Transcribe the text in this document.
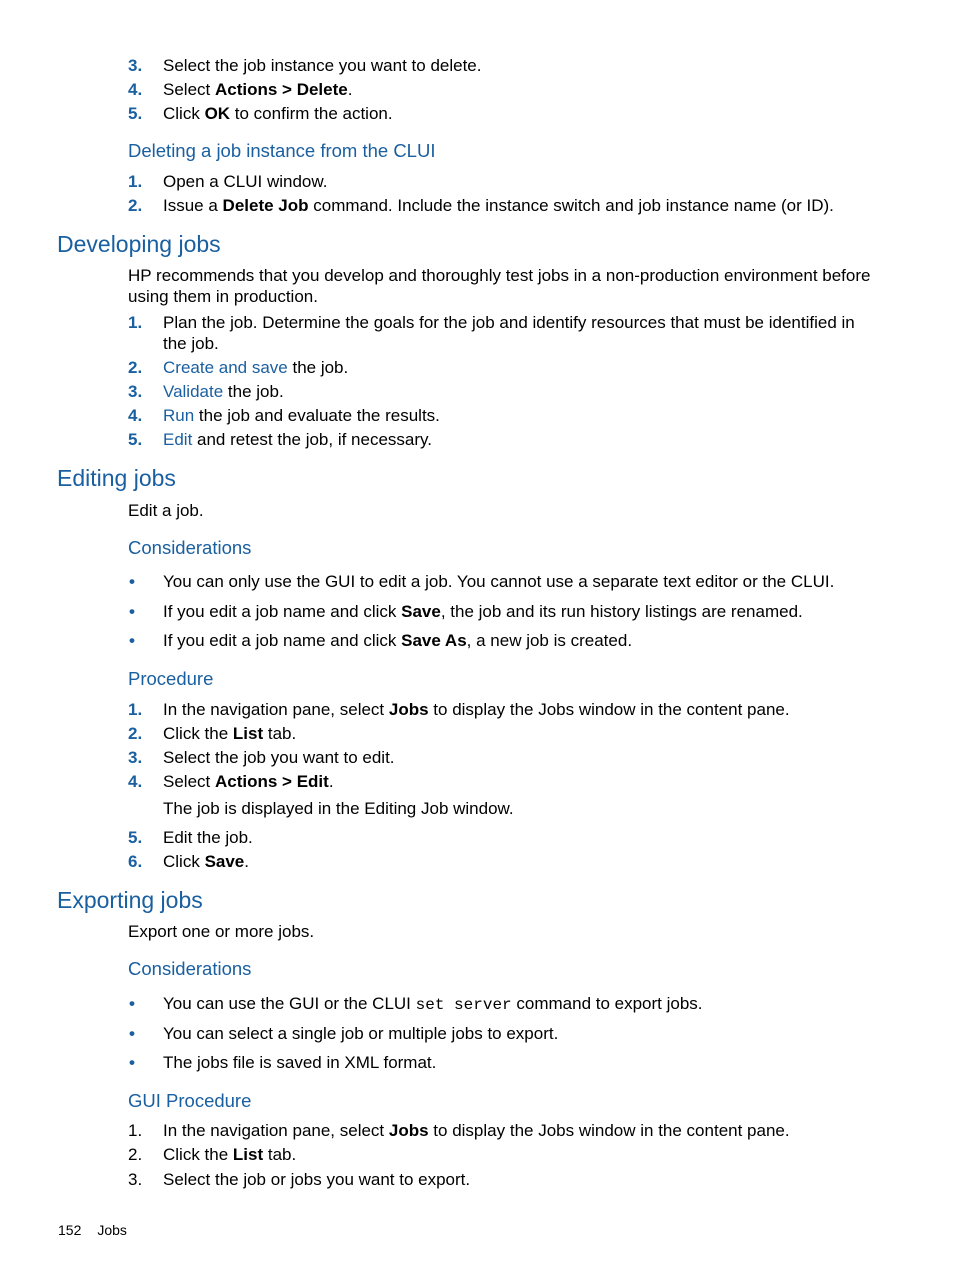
3. Select the job instance you want to delete.
4. Select Actions > Delete.
5. Click OK to confirm the action.
Deleting a job instance from the CLUI
1. Open a CLUI window.
2. Issue a Delete Job command. Include the instance switch and job instance name (or ID).
Developing jobs

HP recommends that you develop and thoroughly test jobs in a non-production environment before using them in production.

1. Plan the job. Determine the goals for the job and identify resources that must be identified in the job.
2. Create and save the job.
3. Validate the job.
4. Run the job and evaluate the results.
5. Edit and retest the job, if necessary.
Editing jobs

Edit a job.

Considerations
• You can only use the GUI to edit a job. You cannot use a separate text editor or the CLUI.
• If you edit a job name and click Save, the job and its run history listings are renamed.
• If you edit a job name and click Save As, a new job is created.
Procedure
1. In the navigation pane, select Jobs to display the Jobs window in the content pane.
2. Click the List tab.
3. Select the job you want to edit.
4. Select Actions > Edit.
The job is displayed in the Editing Job window.
5. Edit the job.
6. Click Save.
Exporting jobs

Export one or more jobs.

Considerations
• You can use the GUI or the CLUI set server command to export jobs.
• You can select a single job or multiple jobs to export.
• The jobs file is saved in XML format.
GUI Procedure
1. In the navigation pane, select Jobs to display the Jobs window in the content pane.
2. Click the List tab.
3. Select the job or jobs you want to export.
152 Jobs
